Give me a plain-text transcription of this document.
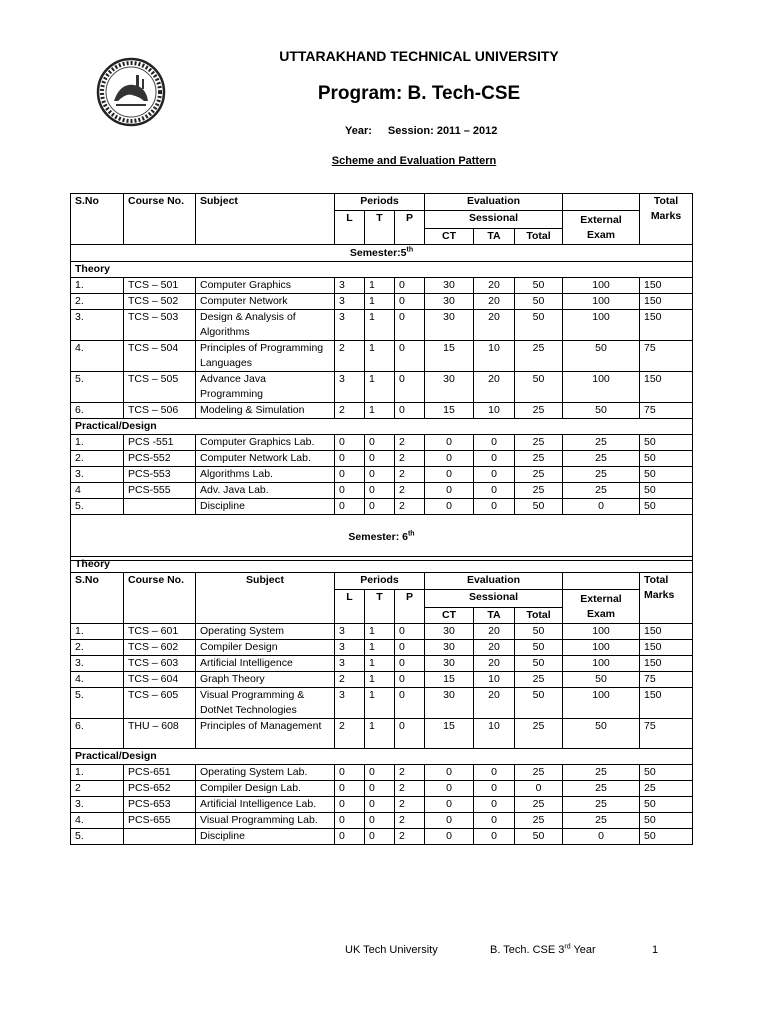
UTTARAKHAND TECHNICAL UNIVERSITY
Program: B. Tech-CSE
Year: Session: 2011 – 2012
Scheme and Evaluation Pattern
S.No	Course No.	Subject	Periods			Evaluation				Total Marks
			L	T	P	Sessional			External Exam	
						CT	TA	Total		
Semester:5th
Theory										
1.	TCS – 501	Computer Graphics	3	1	0	30	20	50	100	150
2.	TCS – 502	Computer Network	3	1	0	30	20	50	100	150
3.	TCS – 503	Design & Analysis of Algorithms	3	1	0	30	20	50	100	150
4.	TCS – 504	Principles of Programming Languages	2	1	0	15	10	25	50	75
5.	TCS – 505	Advance Java Programming	3	1	0	30	20	50	100	150
6.	TCS – 506	Modeling & Simulation	2	1	0	15	10	25	50	75
Practical/Design										
1.	PCS -551	Computer Graphics Lab.	0	0	2	0	0	25	25	50
2.	PCS-552	Computer Network Lab.	0	0	2	0	0	25	25	50
3.	PCS-553	Algorithms Lab.	0	0	2	0	0	25	25	50
4	PCS-555	Adv. Java Lab.	0	0	2	0	0	25	25	50
5.		Discipline	0	0	2	0	0	50	0	50
Semester: 6th
Theory										
S.No	Course No.	Subject	Periods			Evaluation				Total Marks
			L	T	P	Sessional			External Exam	
						CT	TA	Total		
1.	TCS – 601	Operating System	3	1	0	30	20	50	100	150
2.	TCS – 602	Compiler Design	3	1	0	30	20	50	100	150
3.	TCS – 603	Artificial Intelligence	3	1	0	30	20	50	100	150
4.	TCS – 604	Graph Theory	2	1	0	15	10	25	50	75
5.	TCS – 605	Visual Programming & DotNet Technologies	3	1	0	30	20	50	100	150
6.	THU – 608	Principles of Management	2	1	0	15	10	25	50	75
Practical/Design										
1.	PCS-651	Operating System Lab.	0	0	2	0	0	25	25	50
2	PCS-652	Compiler Design Lab.	0	0	2	0	0	0	25	25
3.	PCS-653	Artificial Intelligence Lab.	0	0	2	0	0	25	25	50
4.	PCS-655	Visual Programming Lab.	0	0	2	0	0	25	25	50
5.		Discipline	0	0	2	0	0	50	0	50
UK Tech University	B. Tech. CSE 3rd Year	1
